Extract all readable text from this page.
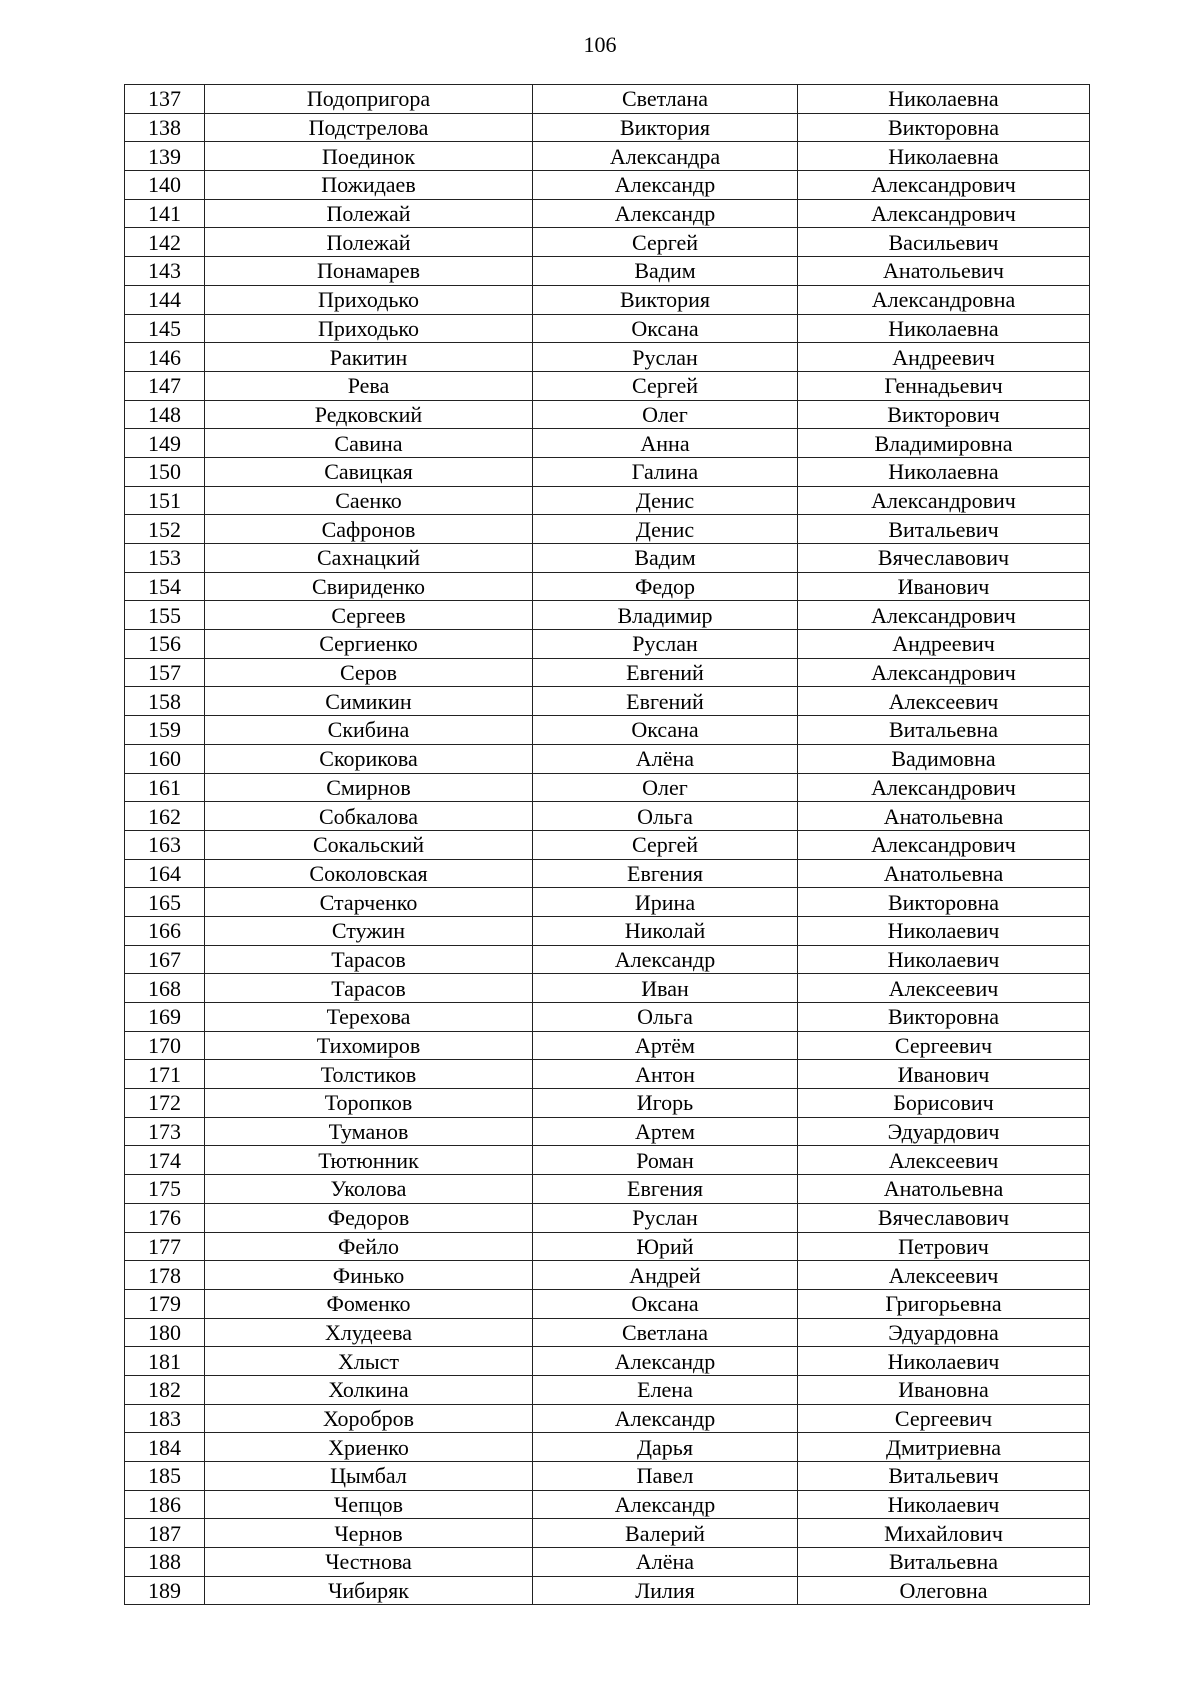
106
137	Подопригора	Светлана	Николаевна
138	Подстрелова	Виктория	Викторовна
139	Поединок	Александра	Николаевна
140	Пожидаев	Александр	Александрович
141	Полежай	Александр	Александрович
142	Полежай	Сергей	Васильевич
143	Понамарев	Вадим	Анатольевич
144	Приходько	Виктория	Александровна
145	Приходько	Оксана	Николаевна
146	Ракитин	Руслан	Андреевич
147	Рева	Сергей	Геннадьевич
148	Редковский	Олег	Викторович
149	Савина	Анна	Владимировна
150	Савицкая	Галина	Николаевна
151	Саенко	Денис	Александрович
152	Сафронов	Денис	Витальевич
153	Сахнацкий	Вадим	Вячеславович
154	Свириденко	Федор	Иванович
155	Сергеев	Владимир	Александрович
156	Сергиенко	Руслан	Андреевич
157	Серов	Евгений	Александрович
158	Симикин	Евгений	Алексеевич
159	Скибина	Оксана	Витальевна
160	Скорикова	Алёна	Вадимовна
161	Смирнов	Олег	Александрович
162	Собкалова	Ольга	Анатольевна
163	Сокальский	Сергей	Александрович
164	Соколовская	Евгения	Анатольевна
165	Старченко	Ирина	Викторовна
166	Стужин	Николай	Николаевич
167	Тарасов	Александр	Николаевич
168	Тарасов	Иван	Алексеевич
169	Терехова	Ольга	Викторовна
170	Тихомиров	Артём	Сергеевич
171	Толстиков	Антон	Иванович
172	Торопков	Игорь	Борисович
173	Туманов	Артем	Эдуардович
174	Тютюнник	Роман	Алексеевич
175	Уколова	Евгения	Анатольевна
176	Федоров	Руслан	Вячеславович
177	Фейло	Юрий	Петрович
178	Финько	Андрей	Алексеевич
179	Фоменко	Оксана	Григорьевна
180	Хлудеева	Светлана	Эдуардовна
181	Хлыст	Александр	Николаевич
182	Холкина	Елена	Ивановна
183	Хоробров	Александр	Сергеевич
184	Хриенко	Дарья	Дмитриевна
185	Цымбал	Павел	Витальевич
186	Чепцов	Александр	Николаевич
187	Чернов	Валерий	Михайлович
188	Честнова	Алёна	Витальевна
189	Чибиряк	Лилия	Олеговна
